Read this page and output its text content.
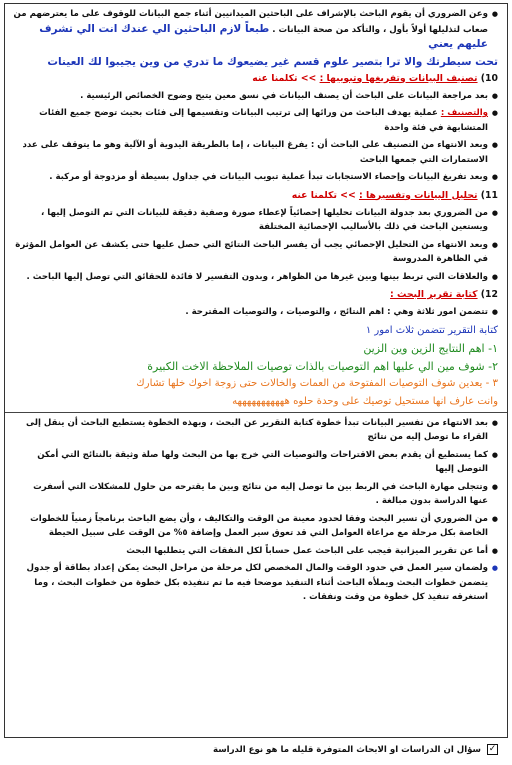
● وعن الضروري أن يقوم الباحث بالإشراف على الباحثين الميدانيين أثناء جمع البيانات للوقوف على ما يعترضهم من صعاب لتذليلها أولاً بأول ، والتأكد من صحة البيانات . طبعاً لازم الباحثين الي عندك انت الي تشرف عليهم يعني

تحت سيطرتك والا ترا بتصير علوم قسم غير يضيعوك ما تدري من وين يجيبوا لك العينات

10) تصنيف البيانات وتفريغها وتبويبها : >> تكلمنا عنه

● بعد مراجعة البيانات على الباحث أن يصنف البيانات في نسق معين يتيح وضوح الخصائص الرئيسية .

● والتصنيف : عملية يهدف الباحث من ورائها إلى ترتيب البيانات وتقسيمها إلى فئات بحيث توضح جميع الفئات المتشابهة في فئة واحدة

● وبعد الانتهاء من التصنيف على الباحث أن : يفرغ البيانات ، إما بالطريقة اليدوية أو الآلية وهو ما يتوقف على عدد الاستمارات التي جمعها الباحث

● وبعد تفريغ البيانات وإحصاء الاستجابات تبدأ عملية تبويب البيانات في جداول بسيطة أو مزدوجة أو مركبة .

11) تحليل البيانات وتفسيرها : >> تكلمنا عنه

● من الضروري بعد جدولة البيانات تحليلها إحصائياً لإعطاء صورة وصفية دقيقة للبيانات التي تم التوصل إليها ، ويستعين الباحث في ذلك بالأساليب الإحصائية المختلفة

● وبعد الانتهاء من التحليل الإحصائي يجب أن يفسر الباحث النتائج التي حصل عليها حتى يكشف عن العوامل المؤثرة في الظاهرة المدروسة

● والعلاقات التي تربط بينها وبين غيرها من الظواهر ، وبدون التفسير لا فائدة للحقائق التي توصل إليها الباحث .

12) كتابة تقرير البحث :

● تتضمن امور ثلاثة وهي : اهم النتائج ، والتوصيات ، والتوصيات المقترحة .

كتابة التقرير تتضمن ثلاث امور ١

١- اهم النتايج الزين وين الزين

٢- شوف مين الي عليها اهم التوصيات بالذات توصيات الملاحظة الاخت الكبيرة

٣ - يعدين شوف التوصيات المفتوحة من العمات والخالات حتى زوجة اخوك خلها تشارك

وانت عارف انها مستحيل توصيك على وحدة حلوه هههههههههههه

● بعد الانتهاء من تفسير البيانات تبدأ خطوة كتابة التقرير عن البحث ، وبهذه الخطوة يستطيع الباحث أن ينقل إلى القراء ما توصل إليه من نتائج

● كما يستطيع أن يقدم بعض الاقتراحات والتوصيات التي خرج بها من البحث ولها صلة وثيقة بالنتائج التي أمكن التوصل إليها

● وتتجلى مهارة الباحث في الربط بين ما توصل إليه من نتائج وبين ما يقترحه من حلول للمشكلات التي أسفرت عنها الدراسة بدون مبالغة .

● من الضروري أن تسير البحث وفقا لحدود معينة من الوقت والتكاليف ، وأن يضع الباحث برنامجاً زمنياً للخطوات الخاصة بكل مرحلة مع مراعاة العوامل التي قد تعوق سير العمل وإضافة ٥% من الوقت على سبيل الحيطة

● أما عن تقرير الميزانية فيجب على الباحث عمل حساباً لكل النفقات التي يتطلبها البحث

● ولضمان سير العمل في حدود الوقت والمال المخصص لكل مرحلة من مراحل البحث يمكن إعداد بطاقة أو جدول يتضمن خطوات البحث ويملأه الباحث أثناء التنفيذ موضحا فيه ما تم تنفيذه بكل خطوة من خطوات البحث ، وما استغرقه تنفيذ كل خطوة من وقت ونفقات .

✓
سؤال ان الدراسات او الابحاث المتوفرة قليله ما هو نوع الدراسة
